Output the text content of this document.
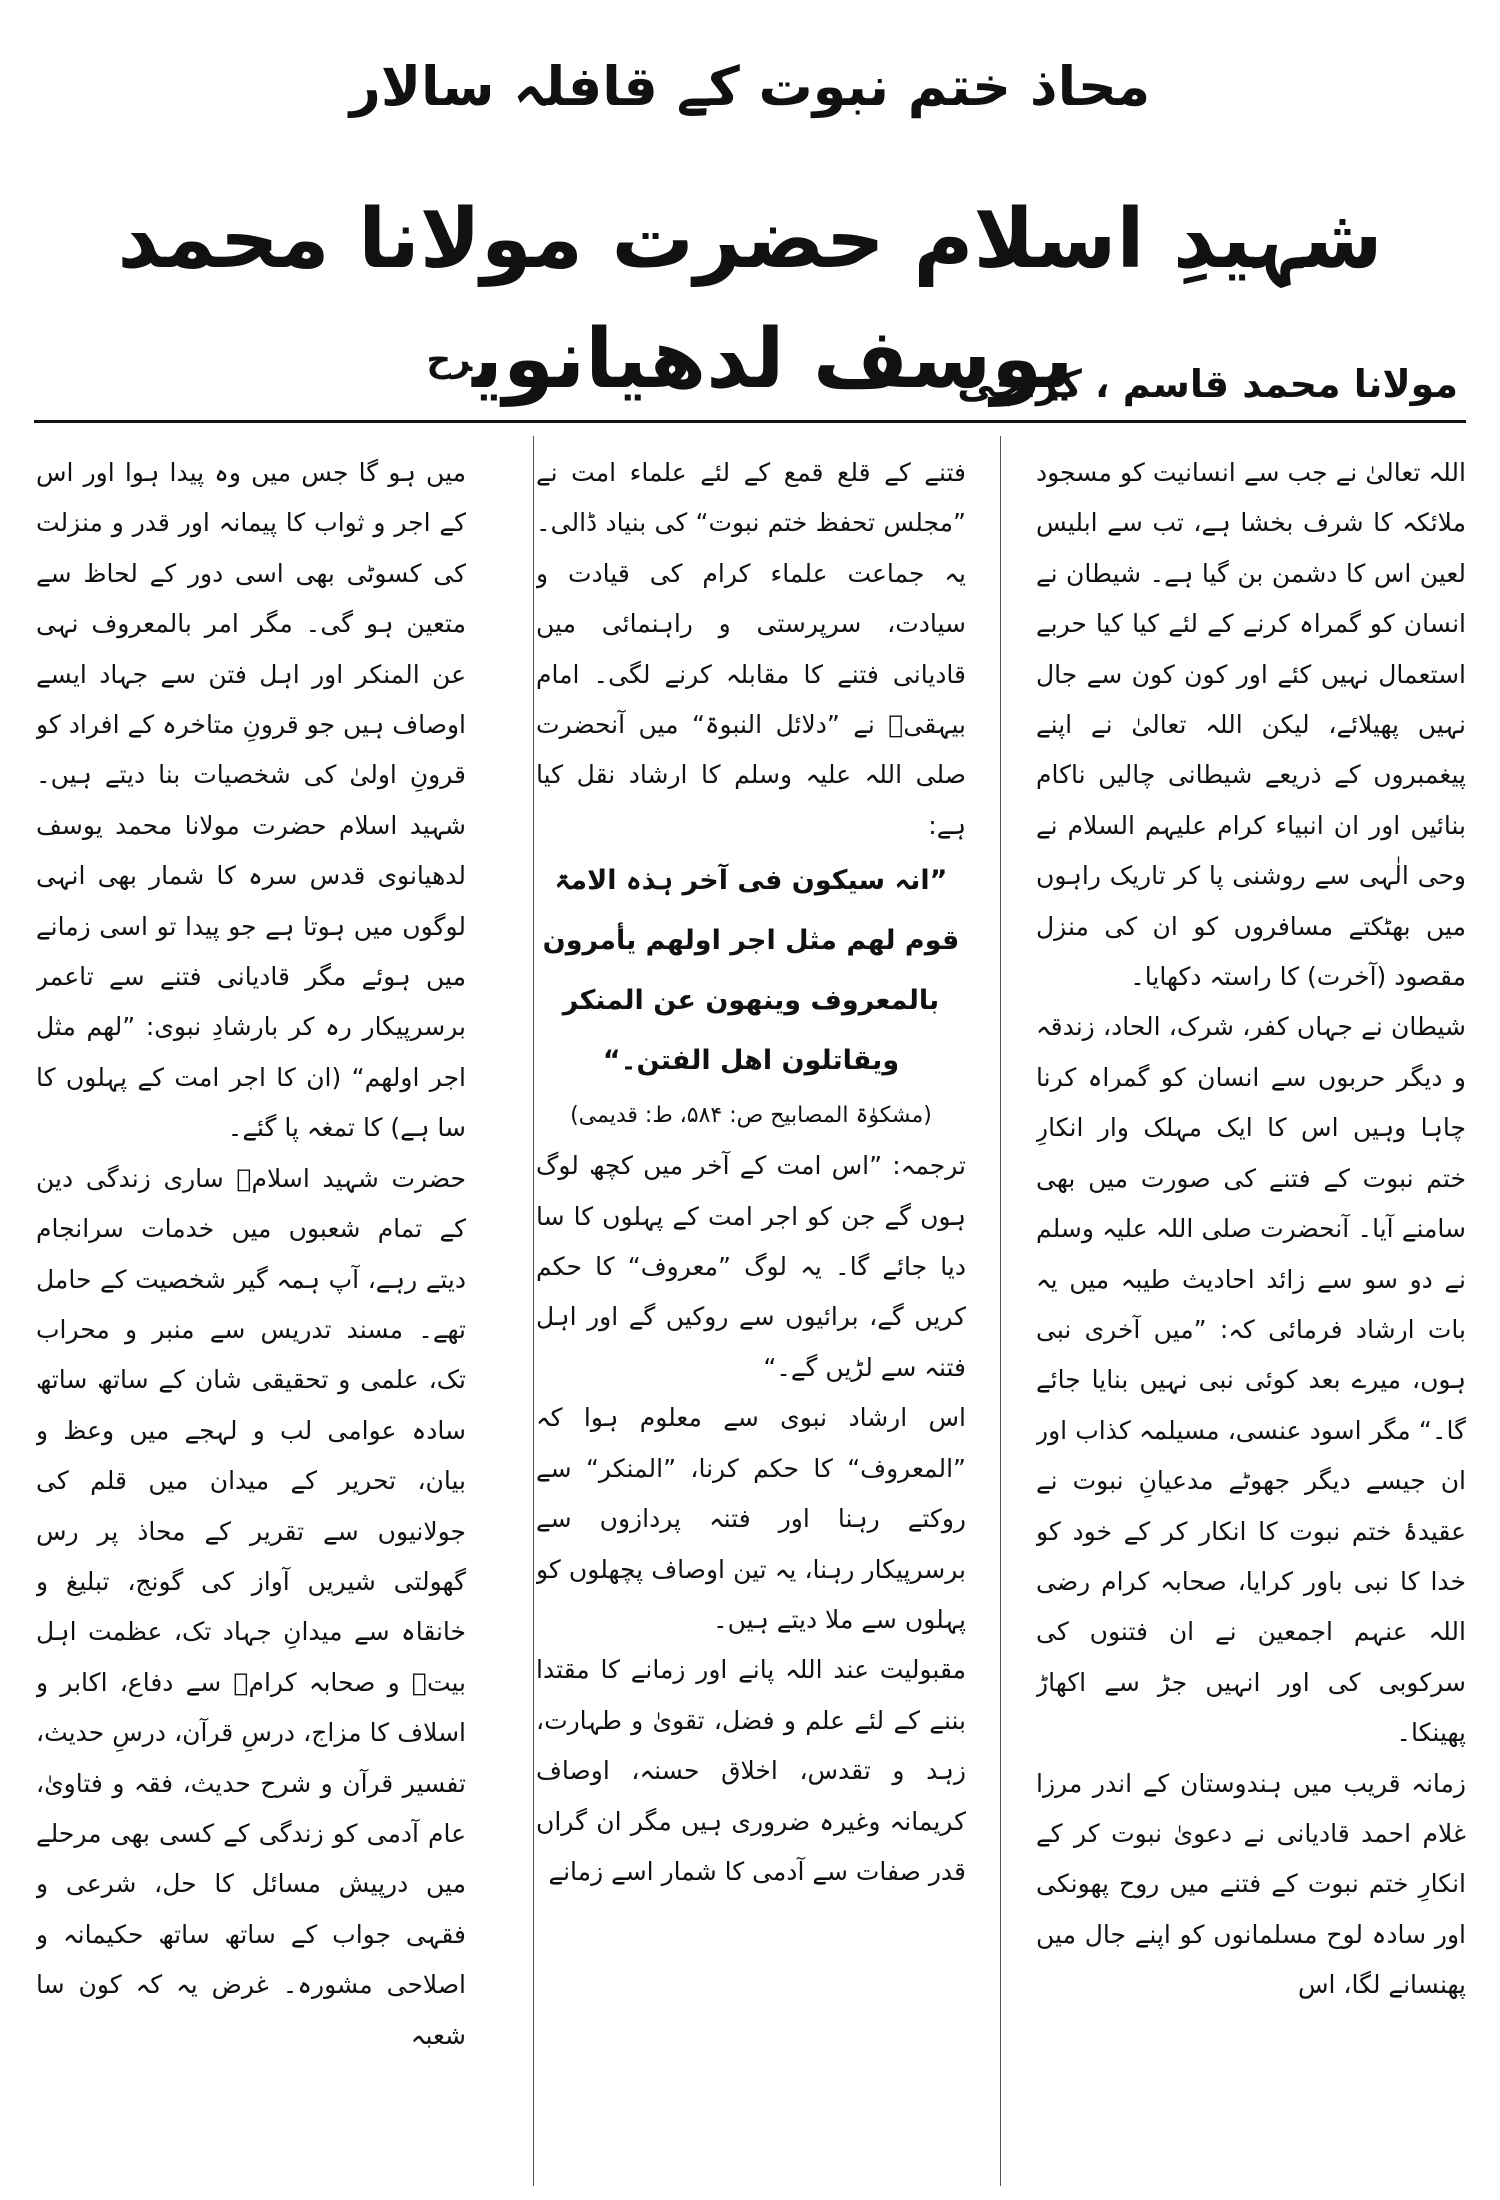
محاذ ختم نبوت کے قافلہ سالار
شہیدِ اسلام حضرت مولانا محمد یوسف لدھیانوی$^{رح}$
مولانا محمد قاسم ، کراچی

اللہ تعالیٰ نے جب سے انسانیت کو مسجود ملائکہ کا شرف بخشا ہے، تب سے ابلیس لعین اس کا دشمن بن گیا ہے۔ شیطان نے انسان کو گمراہ کرنے کے لئے کیا کیا حربے استعمال نہیں کئے اور کون کون سے جال نہیں پھیلائے، لیکن اللہ تعالیٰ نے اپنے پیغمبروں کے ذریعے شیطانی چالیں ناکام بنائیں اور ان انبیاء کرام علیہم السلام نے وحی الٰہی سے روشنی پا کر تاریک راہوں میں بھٹکتے مسافروں کو ان کی منزل مقصود (آخرت) کا راستہ دکھایا۔

شیطان نے جہاں کفر، شرک، الحاد، زندقہ و دیگر حربوں سے انسان کو گمراہ کرنا چاہا وہیں اس کا ایک مہلک وار انکارِ ختم نبوت کے فتنے کی صورت میں بھی سامنے آیا۔ آنحضرت صلی اللہ علیہ وسلم نے دو سو سے زائد احادیث طیبہ میں یہ بات ارشاد فرمائی کہ: ”میں آخری نبی ہوں، میرے بعد کوئی نبی نہیں بنایا جائے گا۔“ مگر اسود عنسی، مسیلمہ کذاب اور ان جیسے دیگر جھوٹے مدعیانِ نبوت نے عقیدۂ ختم نبوت کا انکار کر کے خود کو خدا کا نبی باور کرایا، صحابہ کرام رضی اللہ عنہم اجمعین نے ان فتنوں کی سرکوبی کی اور انہیں جڑ سے اکھاڑ پھینکا۔

زمانہ قریب میں ہندوستان کے اندر مرزا غلام احمد قادیانی نے دعویٰ نبوت کر کے انکارِ ختم نبوت کے فتنے میں روح پھونکی اور سادہ لوح مسلمانوں کو اپنے جال میں پھنسانے لگا، اس

فتنے کے قلع قمع کے لئے علماء امت نے ”مجلس تحفظ ختم نبوت“ کی بنیاد ڈالی۔ یہ جماعت علماء کرام کی قیادت و سیادت، سرپرستی و راہنمائی میں قادیانی فتنے کا مقابلہ کرنے لگی۔ امام بیہقیؒ نے ”دلائل النبوۃ“ میں آنحضرت صلی اللہ علیہ وسلم کا ارشاد نقل کیا ہے:

”انہ سیکون فی آخر ہذہ الامۃ قوم لھم مثل اجر اولھم یأمرون بالمعروف وینھون عن المنکر ویقاتلون اھل الفتن۔“

(مشکوٰۃ المصابیح ص: ۵۸۴، ط: قدیمی)

ترجمہ: ”اس امت کے آخر میں کچھ لوگ ہوں گے جن کو اجر امت کے پہلوں کا سا دیا جائے گا۔ یہ لوگ ”معروف“ کا حکم کریں گے، برائیوں سے روکیں گے اور اہل فتنہ سے لڑیں گے۔“

اس ارشاد نبوی سے معلوم ہوا کہ ”المعروف“ کا حکم کرنا، ”المنکر“ سے روکتے رہنا اور فتنہ پردازوں سے برسرپیکار رہنا، یہ تین اوصاف پچھلوں کو پہلوں سے ملا دیتے ہیں۔

مقبولیت عند اللہ پانے اور زمانے کا مقتدا بننے کے لئے علم و فضل، تقویٰ و طہارت، زہد و تقدس، اخلاق حسنہ، اوصاف کریمانہ وغیرہ ضروری ہیں مگر ان گراں قدر صفات سے آدمی کا شمار اسے زمانے

میں ہو گا جس میں وہ پیدا ہوا اور اس کے اجر و ثواب کا پیمانہ اور قدر و منزلت کی کسوٹی بھی اسی دور کے لحاظ سے متعین ہو گی۔ مگر امر بالمعروف نہی عن المنکر اور اہل فتن سے جہاد ایسے اوصاف ہیں جو قرونِ متاخرہ کے افراد کو قرونِ اولیٰ کی شخصیات بنا دیتے ہیں۔ شہید اسلام حضرت مولانا محمد یوسف لدھیانوی قدس سرہ کا شمار بھی انہی لوگوں میں ہوتا ہے جو پیدا تو اسی زمانے میں ہوئے مگر قادیانی فتنے سے تاعمر برسرپیکار رہ کر بارشادِ نبوی: ”لھم مثل اجر اولھم“ (ان کا اجر امت کے پہلوں کا سا ہے) کا تمغہ پا گئے۔

حضرت شہید اسلامؒ ساری زندگی دین کے تمام شعبوں میں خدمات سرانجام دیتے رہے، آپ ہمہ گیر شخصیت کے حامل تھے۔ مسند تدریس سے منبر و محراب تک، علمی و تحقیقی شان کے ساتھ ساتھ سادہ عوامی لب و لہجے میں وعظ و بیان، تحریر کے میدان میں قلم کی جولانیوں سے تقریر کے محاذ پر رس گھولتی شیریں آواز کی گونج، تبلیغ و خانقاہ سے میدانِ جہاد تک، عظمت اہل بیتؓ و صحابہ کرامؓ سے دفاع، اکابر و اسلاف کا مزاج، درسِ قرآن، درسِ حدیث، تفسیر قرآن و شرح حدیث، فقہ و فتاویٰ، عام آدمی کو زندگی کے کسی بھی مرحلے میں درپیش مسائل کا حل، شرعی و فقہی جواب کے ساتھ ساتھ حکیمانہ و اصلاحی مشورہ۔ غرض یہ کہ کون سا شعبہ
